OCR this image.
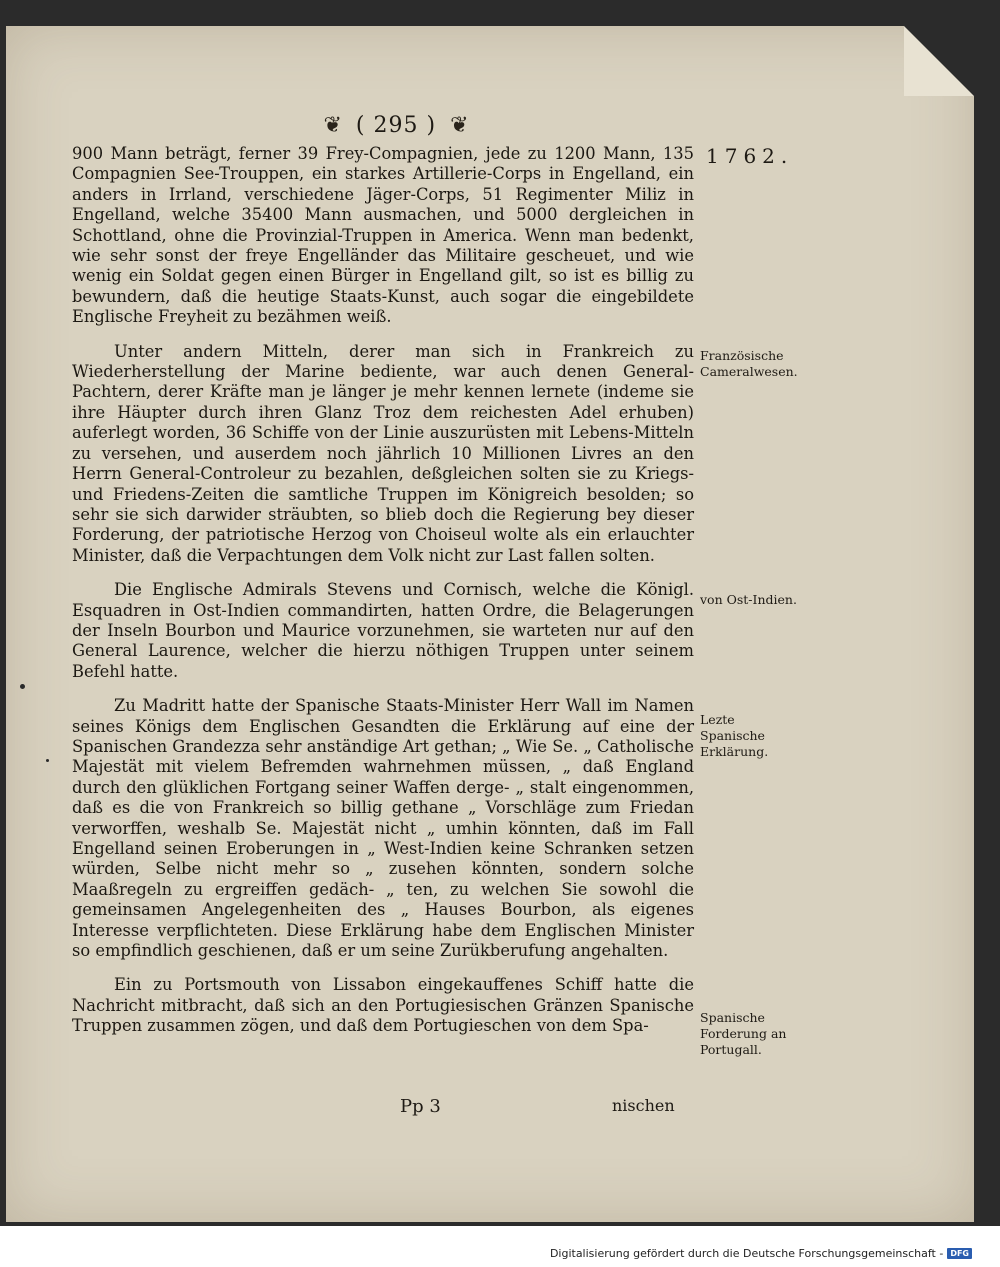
❦ ( 295 ) ❦
1762.

900 Mann beträgt, ferner 39 Frey-Compagnien, jede zu 1200 Mann, 135 Compagnien See-Trouppen, ein starkes Artillerie-Corps in Engelland, ein anders in Irrland, verschiedene Jäger-Corps, 51 Regimenter Miliz in Engelland, welche 35400 Mann ausmachen, und 5000 dergleichen in Schottland, ohne die Provinzial-Truppen in America. Wenn man bedenkt, wie sehr sonst der freye Engelländer das Militaire gescheuet, und wie wenig ein Soldat gegen einen Bürger in Engelland gilt, so ist es billig zu bewundern, daß die heutige Staats-Kunst, auch sogar die eingebildete Englische Freyheit zu bezähmen weiß.

Unter andern Mitteln, derer man sich in Frankreich zu Wiederherstellung der Marine bediente, war auch denen General-Pachtern, derer Kräfte man je länger je mehr kennen lernete (indeme sie ihre Häupter durch ihren Glanz Troz dem reichesten Adel erhuben) auferlegt worden, 36 Schiffe von der Linie auszurüsten mit Lebens-Mitteln zu versehen, und auserdem noch jährlich 10 Millionen Livres an den Herrn General-Controleur zu bezahlen, deßgleichen solten sie zu Kriegs- und Friedens-Zeiten die samtliche Truppen im Königreich besolden; so sehr sie sich darwider sträubten, so blieb doch die Regierung bey dieser Forderung, der patriotische Herzog von Choiseul wolte als ein erlauchter Minister, daß die Verpachtungen dem Volk nicht zur Last fallen solten.

Die Englische Admirals Stevens und Cornisch, welche die Königl. Esquadren in Ost-Indien commandirten, hatten Ordre, die Belagerungen der Inseln Bourbon und Maurice vorzunehmen, sie warteten nur auf den General Laurence, welcher die hierzu nöthigen Truppen unter seinem Befehl hatte.

Zu Madritt hatte der Spanische Staats-Minister Herr Wall im Namen seines Königs dem Englischen Gesandten die Erklärung auf eine der Spanischen Grandezza sehr anständige Art gethan; „ Wie Se. „ Catholische Majestät mit vielem Befremden wahrnehmen müssen, „ daß England durch den glüklichen Fortgang seiner Waffen derge- „ stalt eingenommen, daß es die von Frankreich so billig gethane „ Vorschläge zum Friedan verworffen, weshalb Se. Majestät nicht „ umhin könnten, daß im Fall Engelland seinen Eroberungen in „ West-Indien keine Schranken setzen würden, Selbe nicht mehr so „ zusehen könnten, sondern solche Maaßregeln zu ergreiffen gedäch- „ ten, zu welchen Sie sowohl die gemeinsamen Angelegenheiten des „ Hauses Bourbon, als eigenes Interesse verpflichteten. Diese Erklärung habe dem Englischen Minister so empfindlich geschienen, daß er um seine Zurükberufung angehalten.

Ein zu Portsmouth von Lissabon eingekauffenes Schiff hatte die Nachricht mitbracht, daß sich an den Portugiesischen Gränzen Spanische Truppen zusammen zögen, und daß dem Portugieschen von dem Spa-

Französische Cameralwesen.
von Ost-Indien.
Lezte Spanische Erklärung.
Spanische Forderung an Portugall.
Pp 3	nischen
Digitalisierung gefördert durch die Deutsche Forschungsgemeinschaft - DFG
